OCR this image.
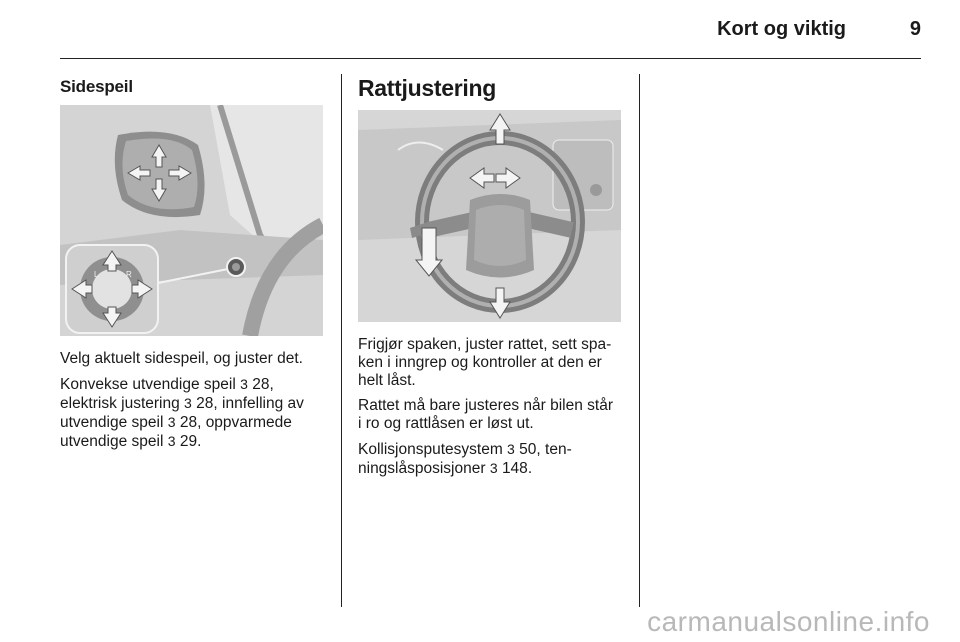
Kort og viktig	9
Sidespeil
L	R

Velg aktuelt sidespeil, og juster det.

Konvekse utvendige speil 3 28,
elektrisk justering 3 28, innfelling av
utvendige speil 3 28, oppvarmede
utvendige speil 3 29.

Rattjustering

Frigjør spaken, juster rattet, sett spa-
ken i inngrep og kontroller at den er
helt låst.

Rattet må bare justeres når bilen står
i ro og rattlåsen er løst ut.

Kollisjonsputesystem 3 50, ten-
ningslåsposisjoner 3 148.

carmanualsonline.info
